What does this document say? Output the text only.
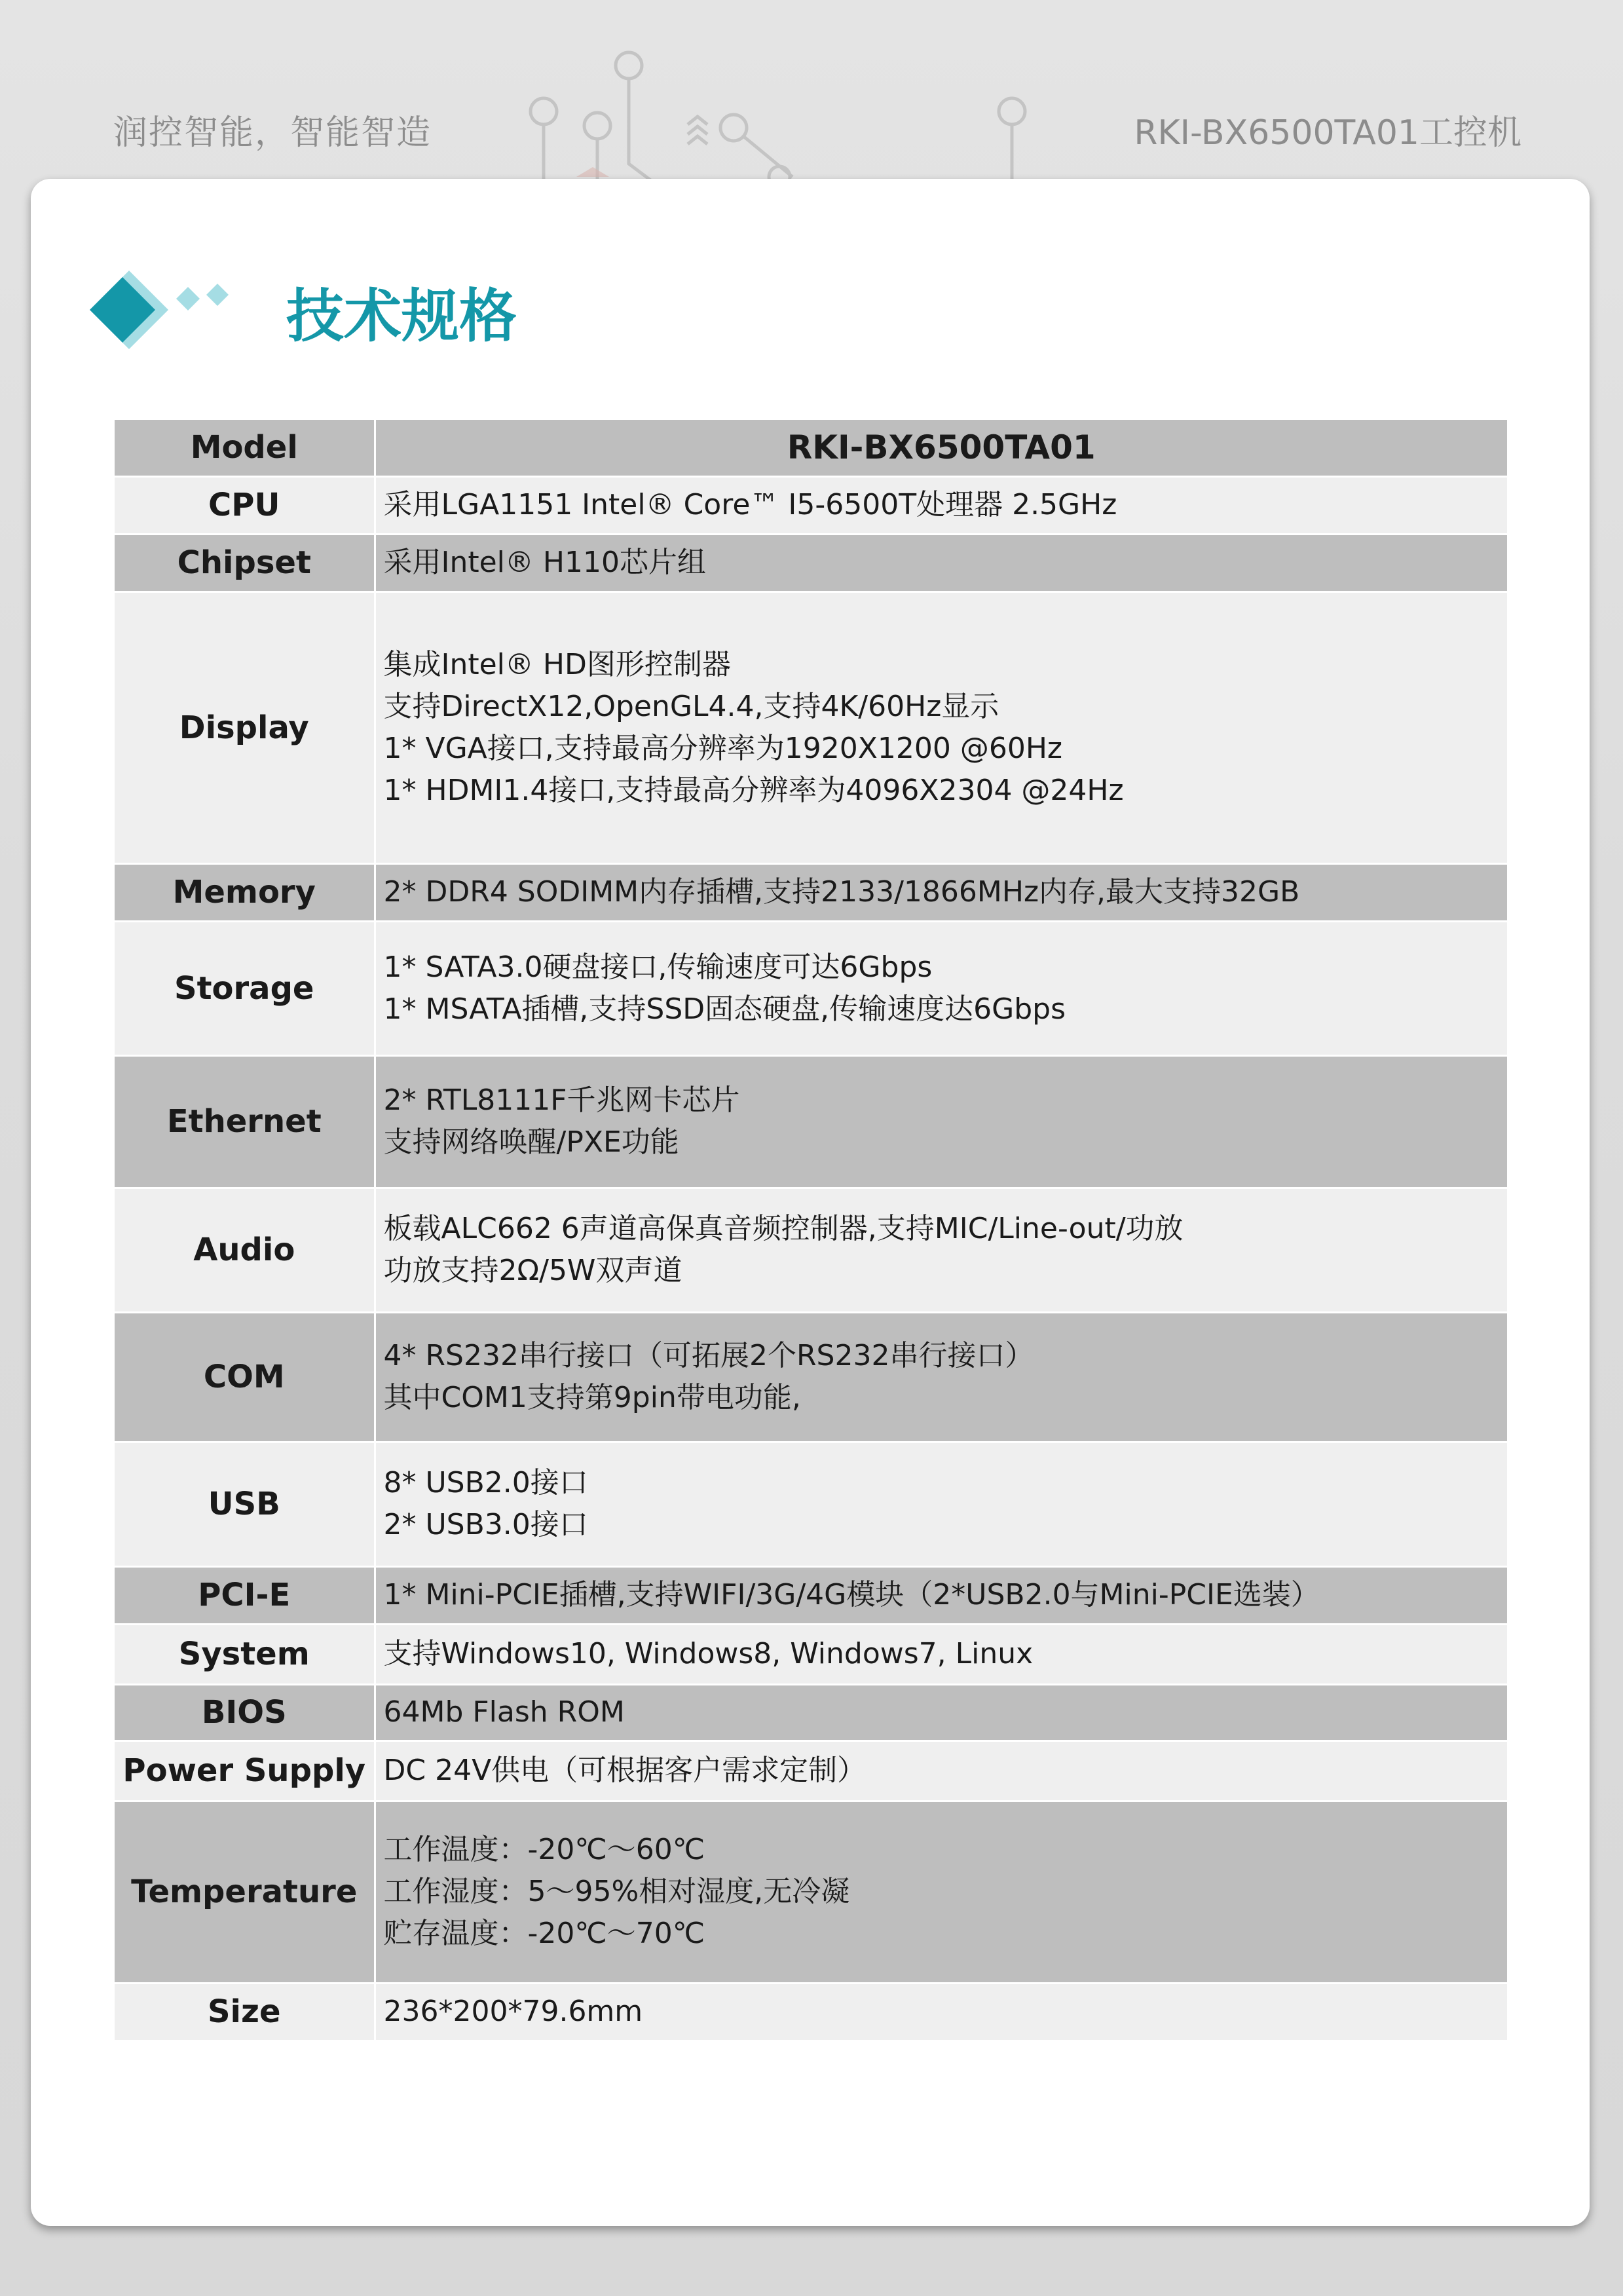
润控智能，智能智造	RKI-BX6500TA01工控机
技术规格
Model	RKI-BX6500TA01

CPU	采用LGA1151 Intel® Core™ I5-6500T处理器 2.5GHz

Chipset	采用Intel® H110芯片组

Display	集成Intel® HD图形控制器
支持DirectX12,OpenGL4.4,支持4K/60Hz显示
1* VGA接口,支持最高分辨率为1920X1200 @60Hz
1* HDMI1.4接口,支持最高分辨率为4096X2304 @24Hz

Memory	2* DDR4 SODIMM内存插槽,支持2133/1866MHz内存,最大支持32GB

Storage	1* SATA3.0硬盘接口,传输速度可达6Gbps
1* MSATA插槽,支持SSD固态硬盘,传输速度达6Gbps

Ethernet	2* RTL8111F千兆网卡芯片
支持网络唤醒/PXE功能

Audio	板载ALC662 6声道高保真音频控制器,支持MIC/Line-out/功放
功放支持2Ω/5W双声道

COM	4* RS232串行接口（可拓展2个RS232串行接口）
其中COM1支持第9pin带电功能,

USB	8* USB2.0接口
2* USB3.0接口

PCI-E	1* Mini-PCIE插槽,支持WIFI/3G/4G模块（2*USB2.0与Mini-PCIE选装）

System	支持Windows10, Windows8, Windows7, Linux

BIOS	64Mb Flash ROM

Power Supply	DC 24V供电（可根据客户需求定制）

Temperature	工作温度：-20℃～60℃
工作湿度：5～95%相对湿度,无冷凝
贮存温度：-20℃～70℃

Size	236*200*79.6mm
